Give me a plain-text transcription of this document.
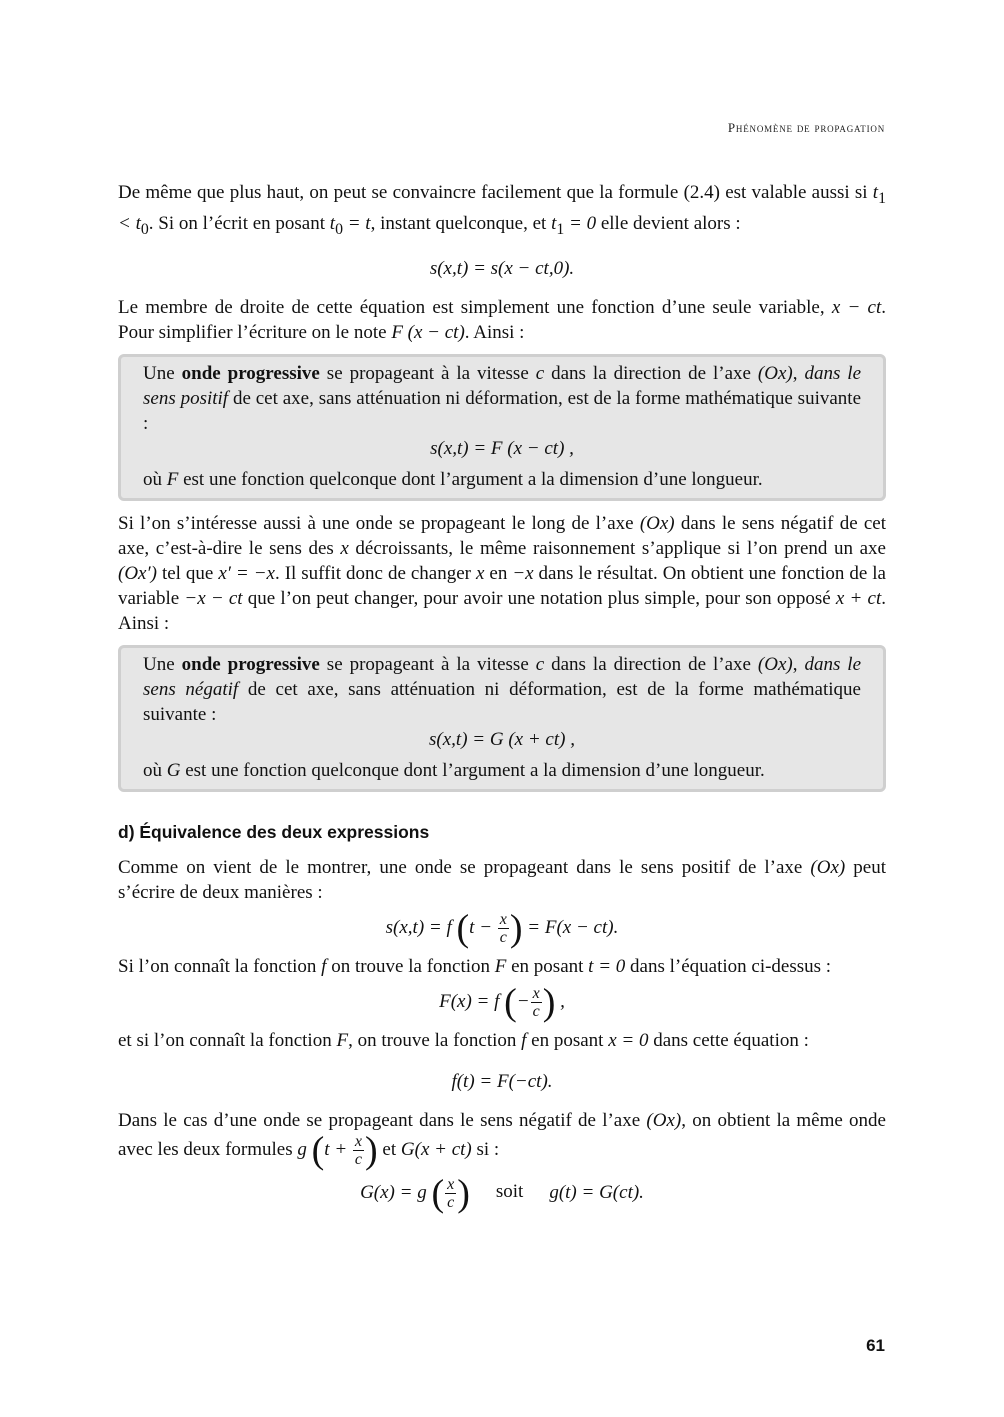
Phénomène de propagation

De même que plus haut, on peut se convaincre facilement que la formule (2.4) est valable aussi si $t_1 < t_0$. Si on l’écrit en posant $t_0 = t$, instant quelconque, et $t_1 = 0$ elle devient alors :

s(x,t) = s(x − ct,0).

Le membre de droite de cette équation est simplement une fonction d’une seule variable, x − ct. Pour simplifier l’écriture on le note F (x − ct). Ainsi :

Une onde progressive se propageant à la vitesse c dans la direction de l’axe (Ox), dans le sens positif de cet axe, sans atténuation ni déformation, est de la forme mathématique suivante :

s(x,t) = F (x − ct) ,

où F est une fonction quelconque dont l’argument a la dimension d’une longueur.

Si l’on s’intéresse aussi à une onde se propageant le long de l’axe (Ox) dans le sens négatif de cet axe, c’est-à-dire le sens des x décroissants, le même raisonnement s’applique si l’on prend un axe (Ox′) tel que x′ = −x. Il suffit donc de changer x en −x dans le résultat. On obtient une fonction de la variable −x − ct que l’on peut changer, pour avoir une notation plus simple, pour son opposé x + ct. Ainsi :

Une onde progressive se propageant à la vitesse c dans la direction de l’axe (Ox), dans le sens négatif de cet axe, sans atténuation ni déformation, est de la forme mathématique suivante :

s(x,t) = G (x + ct) ,

où G est une fonction quelconque dont l’argument a la dimension d’une longueur.

d) Équivalence des deux expressions

Comme on vient de le montrer, une onde se propageant dans le sens positif de l’axe (Ox) peut s’écrire de deux manières :

s(x,t) = f ($t - \frac{x}{c}$ ) = F(x − ct).

Si l’on connaît la fonction f on trouve la fonction F en posant t = 0 dans l’équation ci-dessus :

F(x) = f (− $\frac{x}{c}$ ) ,

et si l’on connaît la fonction F, on trouve la fonction f en posant x = 0 dans cette équation :

f(t) = F(−ct).

Dans le cas d’une onde se propageant dans le sens négatif de l’axe (Ox), on obtient la même onde avec les deux formules g ($t + \frac{x}{c}$ ) et G(x + ct) si :

G(x) = g ( $\frac{x}{c}$ ) soit g(t) = G(ct).
61
